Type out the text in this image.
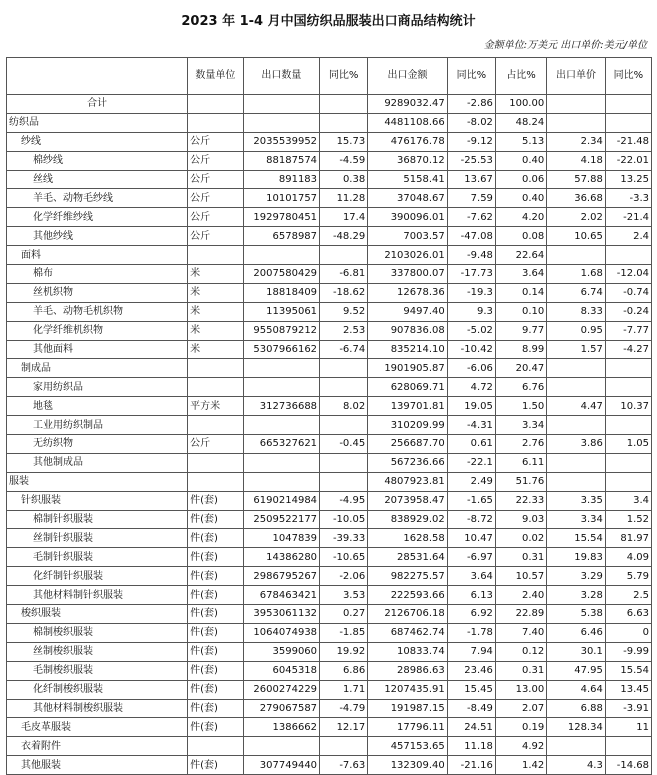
2023 年 1-4 月中国纺织品服装出口商品结构统计
金额单位:万美元 出口单价:美元/单位
	数量单位	出口数量	同比%	出口金额	同比%	占比%	出口单价	同比%
合计				9289032.47	-2.86	100.00		
纺织品				4481108.66	-8.02	48.24		
纱线	公斤	2035539952	15.73	476176.78	-9.12	5.13	2.34	-21.48
棉纱线	公斤	88187574	-4.59	36870.12	-25.53	0.40	4.18	-22.01
丝线	公斤	891183	0.38	5158.41	13.67	0.06	57.88	13.25
羊毛、动物毛纱线	公斤	10101757	11.28	37048.67	7.59	0.40	36.68	-3.3
化学纤维纱线	公斤	1929780451	17.4	390096.01	-7.62	4.20	2.02	-21.4
其他纱线	公斤	6578987	-48.29	7003.57	-47.08	0.08	10.65	2.4
面料				2103026.01	-9.48	22.64		
棉布	米	2007580429	-6.81	337800.07	-17.73	3.64	1.68	-12.04
丝机织物	米	18818409	-18.62	12678.36	-19.3	0.14	6.74	-0.74
羊毛、动物毛机织物	米	11395061	9.52	9497.40	9.3	0.10	8.33	-0.24
化学纤维机织物	米	9550879212	2.53	907836.08	-5.02	9.77	0.95	-7.77
其他面料	米	5307966162	-6.74	835214.10	-10.42	8.99	1.57	-4.27
制成品				1901905.87	-6.06	20.47		
家用纺织品				628069.71	4.72	6.76		
地毯	平方米	312736688	8.02	139701.81	19.05	1.50	4.47	10.37
工业用纺织制品				310209.99	-4.31	3.34		
无纺织物	公斤	665327621	-0.45	256687.70	0.61	2.76	3.86	1.05
其他制成品				567236.66	-22.1	6.11		
服装				4807923.81	2.49	51.76		
针织服装	件(套)	6190214984	-4.95	2073958.47	-1.65	22.33	3.35	3.4
棉制针织服装	件(套)	2509522177	-10.05	838929.02	-8.72	9.03	3.34	1.52
丝制针织服装	件(套)	1047839	-39.33	1628.58	10.47	0.02	15.54	81.97
毛制针织服装	件(套)	14386280	-10.65	28531.64	-6.97	0.31	19.83	4.09
化纤制针织服装	件(套)	2986795267	-2.06	982275.57	3.64	10.57	3.29	5.79
其他材料制针织服装	件(套)	678463421	3.53	222593.66	6.13	2.40	3.28	2.5
梭织服装	件(套)	3953061132	0.27	2126706.18	6.92	22.89	5.38	6.63
棉制梭织服装	件(套)	1064074938	-1.85	687462.74	-1.78	7.40	6.46	0
丝制梭织服装	件(套)	3599060	19.92	10833.74	7.94	0.12	30.1	-9.99
毛制梭织服装	件(套)	6045318	6.86	28986.63	23.46	0.31	47.95	15.54
化纤制梭织服装	件(套)	2600274229	1.71	1207435.91	15.45	13.00	4.64	13.45
其他材料制梭织服装	件(套)	279067587	-4.79	191987.15	-8.49	2.07	6.88	-3.91
毛皮革服装	件(套)	1386662	12.17	17796.11	24.51	0.19	128.34	11
衣着附件				457153.65	11.18	4.92		
其他服装	件(套)	307749440	-7.63	132309.40	-21.16	1.42	4.3	-14.68
